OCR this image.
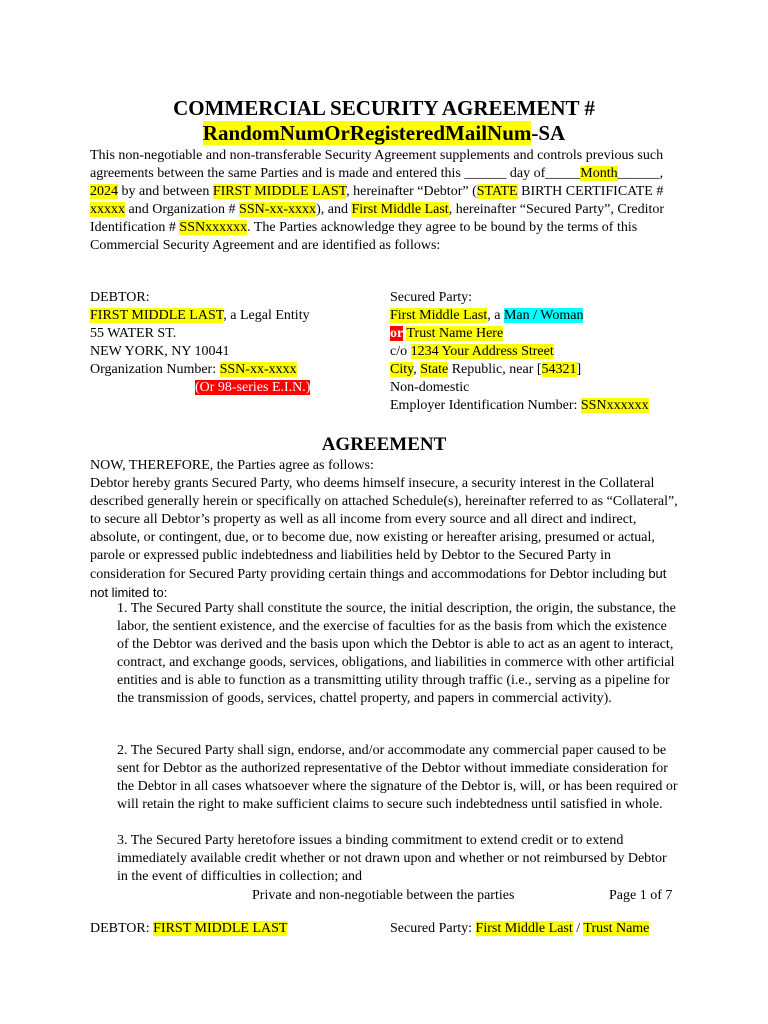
COMMERCIAL SECURITY AGREEMENT #
RandomNumOrRegisteredMailNum-SA
This non-negotiable and non-transferable Security Agreement supplements and controls previous such agreements between the same Parties and is made and entered this ______ day of_____Month______, 2024 by and between FIRST MIDDLE LAST, hereinafter “Debtor” (STATE BIRTH CERTIFICATE # xxxxx and Organization # SSN-xx-xxxx), and First Middle Last, hereinafter “Secured Party”, Creditor Identification # SSNxxxxxx. The Parties acknowledge they agree to be bound by the terms of this Commercial Security Agreement and are identified as follows:
DEBTOR:
FIRST MIDDLE LAST, a Legal Entity
55 WATER ST.
NEW YORK, NY 10041
Organization Number: SSN-xx-xxxx
(Or 98-series E.I.N.)
Secured Party:
First Middle Last, a Man / Woman
or Trust Name Here
c/o 1234 Your Address Street
City, State Republic, near [54321]
Non-domestic
Employer Identification Number: SSNxxxxxx
AGREEMENT
NOW, THEREFORE, the Parties agree as follows:
Debtor hereby grants Secured Party, who deems himself insecure, a security interest in the Collateral described generally herein or specifically on attached Schedule(s), hereinafter referred to as “Collateral”, to secure all Debtor’s property as well as all income from every source and all direct and indirect, absolute, or contingent, due, or to become due, now existing or hereafter arising, presumed or actual, parole or expressed public indebtedness and liabilities held by Debtor to the Secured Party in consideration for Secured Party providing certain things and accommodations for Debtor including but not limited to:
1. The Secured Party shall constitute the source, the initial description, the origin, the substance, the labor, the sentient existence, and the exercise of faculties for as the basis from which the existence of the Debtor was derived and the basis upon which the Debtor is able to act as an agent to interact, contract, and exchange goods, services, obligations, and liabilities in commerce with other artificial entities and is able to function as a transmitting utility through traffic (i.e., serving as a pipeline for the transmission of goods, services, chattel property, and papers in commercial activity).
2. The Secured Party shall sign, endorse, and/or accommodate any commercial paper caused to be sent for Debtor as the authorized representative of the Debtor without immediate consideration for the Debtor in all cases whatsoever where the signature of the Debtor is, will, or has been required or will retain the right to make sufficient claims to secure such indebtedness until satisfied in whole.
3. The Secured Party heretofore issues a binding commitment to extend credit or to extend immediately available credit whether or not drawn upon and whether or not reimbursed by Debtor in the event of difficulties in collection; and
Private and non-negotiable between the parties	Page 1 of 7
DEBTOR: FIRST MIDDLE LAST	Secured Party: First Middle Last / Trust Name
